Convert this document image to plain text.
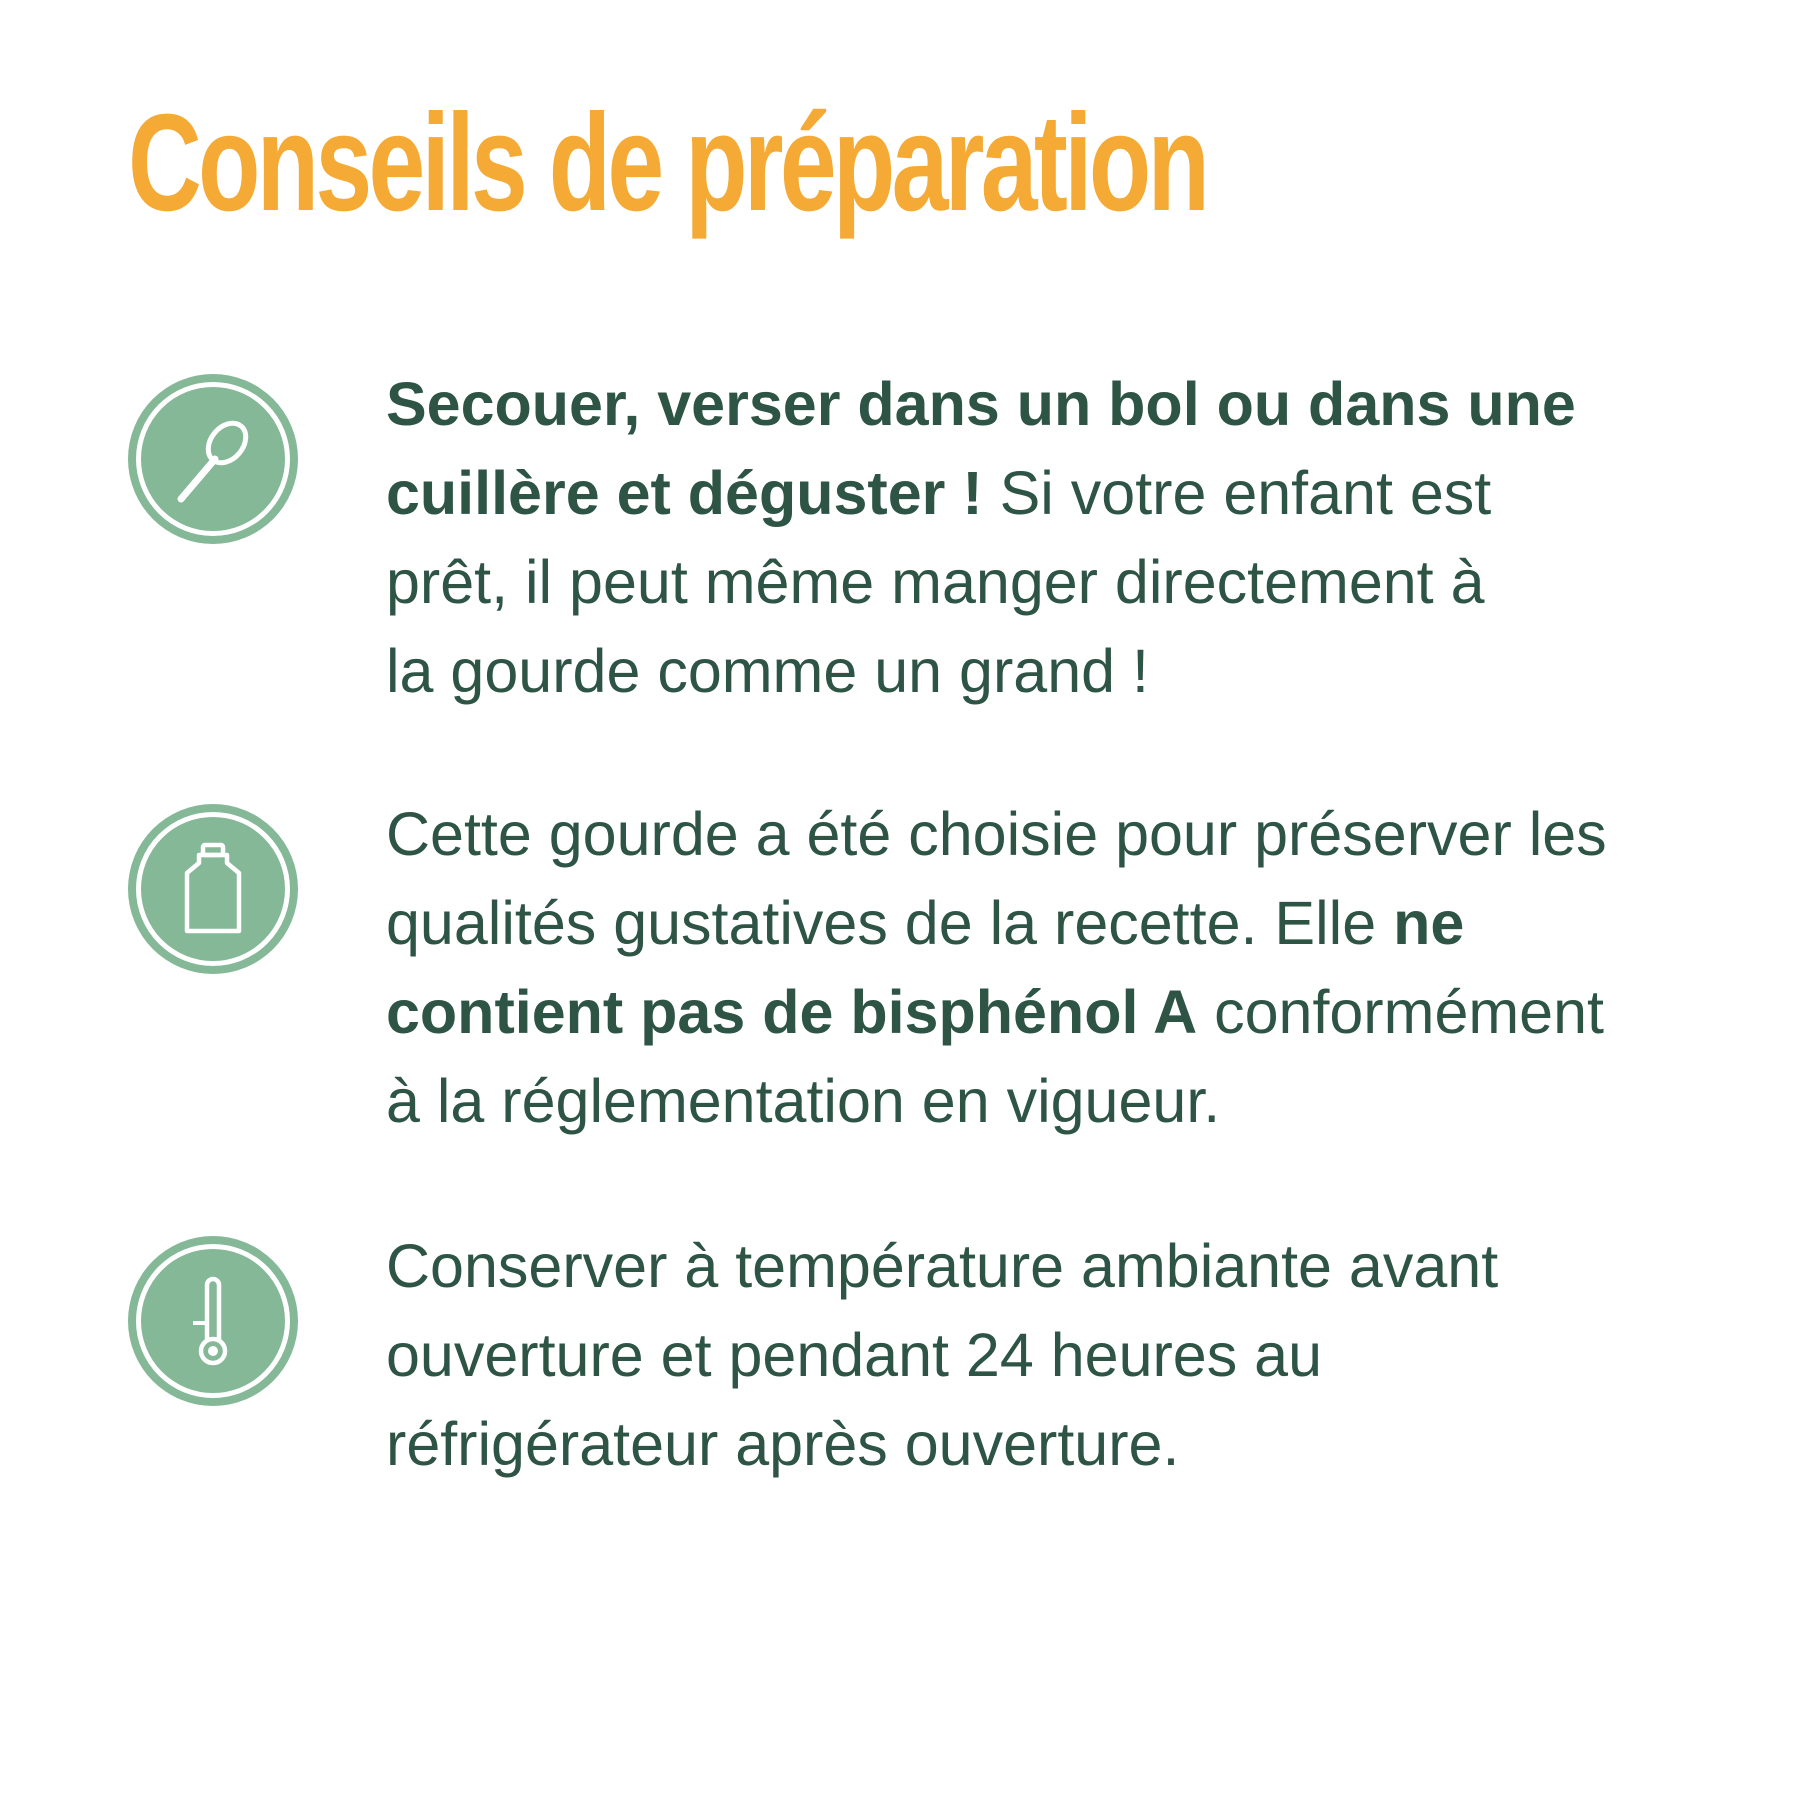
Conseils de préparation

Secouer, verser dans un bol ou dans une
cuillère et déguster ! Si votre enfant est
prêt, il peut même manger directement à
la gourde comme un grand !

Cette gourde a été choisie pour préserver les
qualités gustatives de la recette. Elle ne
contient pas de bisphénol A conformément
à la réglementation en vigueur.

Conserver à température ambiante avant
ouverture et pendant 24 heures au
réfrigérateur après ouverture.
